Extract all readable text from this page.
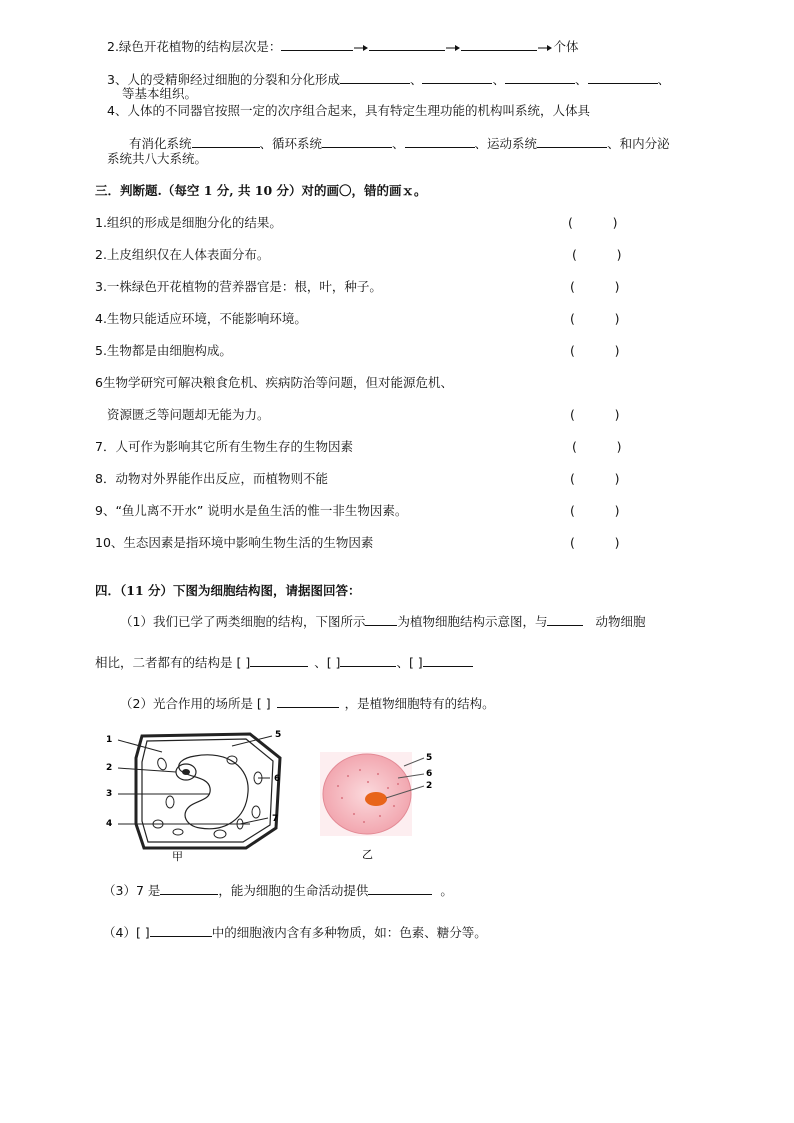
2.绿色开花植物的结构层次是：	个体
3、人的受精卵经过细胞的分裂和分化形成	、	、	、	、
等基本组织。
4、人体的不同器官按照一定的次序组合起来，具有特定生理功能的机构叫系统，人体具
有消化系统	、循环系统	、	、运动系统	、和内分泌
系统共八大系统。
三．判断题.（每空 1 分, 共 10 分）对的画〇，错的画ｘ。
1.组织的形成是细胞分化的结果。	(          )
2.上皮组织仅在人体表面分布。	(          )
3.一株绿色开花植物的营养器官是：根，叶，种子。	(          )
4.生物只能适应环境，不能影响环境。	(          )
5.生物都是由细胞构成。	(          )
6生物学研究可解决粮食危机、疾病防治等问题，但对能源危机、
资源匮乏等问题却无能为力。	(          )
7．人可作为影响其它所有生物生存的生物因素	(          )
8．动物对外界能作出反应，而植物则不能	(          )
9、“鱼儿离不开水” 说明水是鱼生活的惟一非生物因素。	(          )
10、生态因素是指环境中影响生物生活的生物因素	(          )
四．（11 分）下图为细胞结构图，请据图回答：
（1）我们已学了两类细胞的结构，下图所示	为植物细胞结构示意图，与	动物细胞
相比，二者都有的结构是 [ ]	、[ ]	、[ ]
（2）光合作用的场所是 [ ]	，是植物细胞特有的结构。
1
2
3
4
5
6
7
甲
5
6
2
乙
（3）7 是	，能为细胞的生命活动提供	。
（4）[ ]	中的细胞液内含有多种物质，如：色素、糖分等。
